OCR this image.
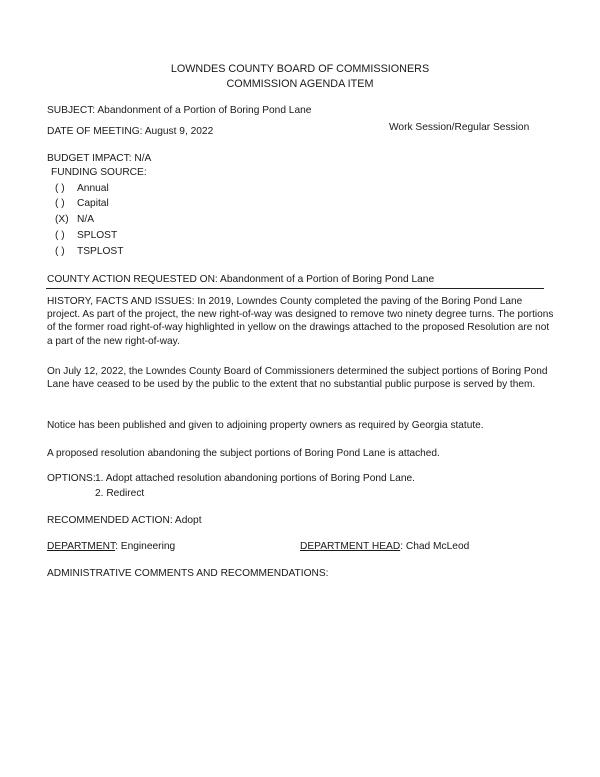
LOWNDES COUNTY BOARD OF COMMISSIONERS
COMMISSION AGENDA ITEM
SUBJECT: Abandonment of a Portion of Boring Pond Lane
DATE OF MEETING: August 9, 2022	Work Session/Regular Session
BUDGET IMPACT: N/A
FUNDING SOURCE:
( ) Annual
( ) Capital
(X) N/A
( ) SPLOST
( ) TSPLOST
COUNTY ACTION REQUESTED ON: Abandonment of a Portion of Boring Pond Lane
HISTORY, FACTS AND ISSUES: In 2019, Lowndes County completed the paving of the Boring Pond Lane project. As part of the project, the new right-of-way was designed to remove two ninety degree turns. The portions of the former road right-of-way highlighted in yellow on the drawings attached to the proposed Resolution are not a part of the new right-of-way.
On July 12, 2022, the Lowndes County Board of Commissioners determined the subject portions of Boring Pond Lane have ceased to be used by the public to the extent that no substantial public purpose is served by them.
Notice has been published and given to adjoining property owners as required by Georgia statute.
A proposed resolution abandoning the subject portions of Boring Pond Lane is attached.
OPTIONS: 1. Adopt attached resolution abandoning portions of Boring Pond Lane.
2. Redirect
RECOMMENDED ACTION: Adopt
DEPARTMENT: Engineering	DEPARTMENT HEAD: Chad McLeod
ADMINISTRATIVE COMMENTS AND RECOMMENDATIONS:
